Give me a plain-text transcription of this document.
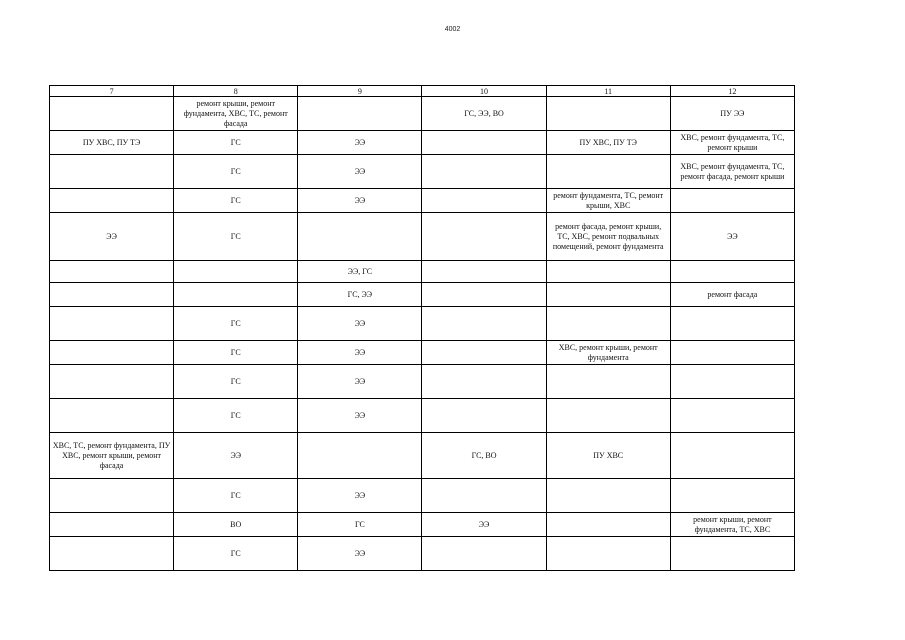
4002
7	8	9	10	11	12
	ремонт крыши, ремонт фундамента, ХВС, ТС, ремонт фасада		ГС, ЭЭ, ВО		ПУ ЭЭ
ПУ ХВС, ПУ ТЭ	ГС	ЭЭ		ПУ ХВС, ПУ ТЭ	ХВС, ремонт фундамента, ТС, ремонт крыши
	ГС	ЭЭ			ХВС, ремонт фундамента, ТС, ремонт фасада, ремонт крыши
	ГС	ЭЭ		ремонт фундамента, ТС, ремонт крыши, ХВС	
ЭЭ	ГС			ремонт фасада, ремонт крыши, ТС, ХВС, ремонт подвальных помещений, ремонт фундамента	ЭЭ
		ЭЭ, ГС			
		ГС, ЭЭ			ремонт фасада
	ГС	ЭЭ			
	ГС	ЭЭ		ХВС, ремонт крыши, ремонт фундамента	
	ГС	ЭЭ			
	ГС	ЭЭ			
ХВС, ТС, ремонт фундамента, ПУ ХВС, ремонт крыши, ремонт фасада	ЭЭ		ГС, ВО	ПУ ХВС	
	ГС	ЭЭ			
	ВО	ГС	ЭЭ		ремонт крыши, ремонт фундамента, ТС, ХВС
	ГС	ЭЭ			
